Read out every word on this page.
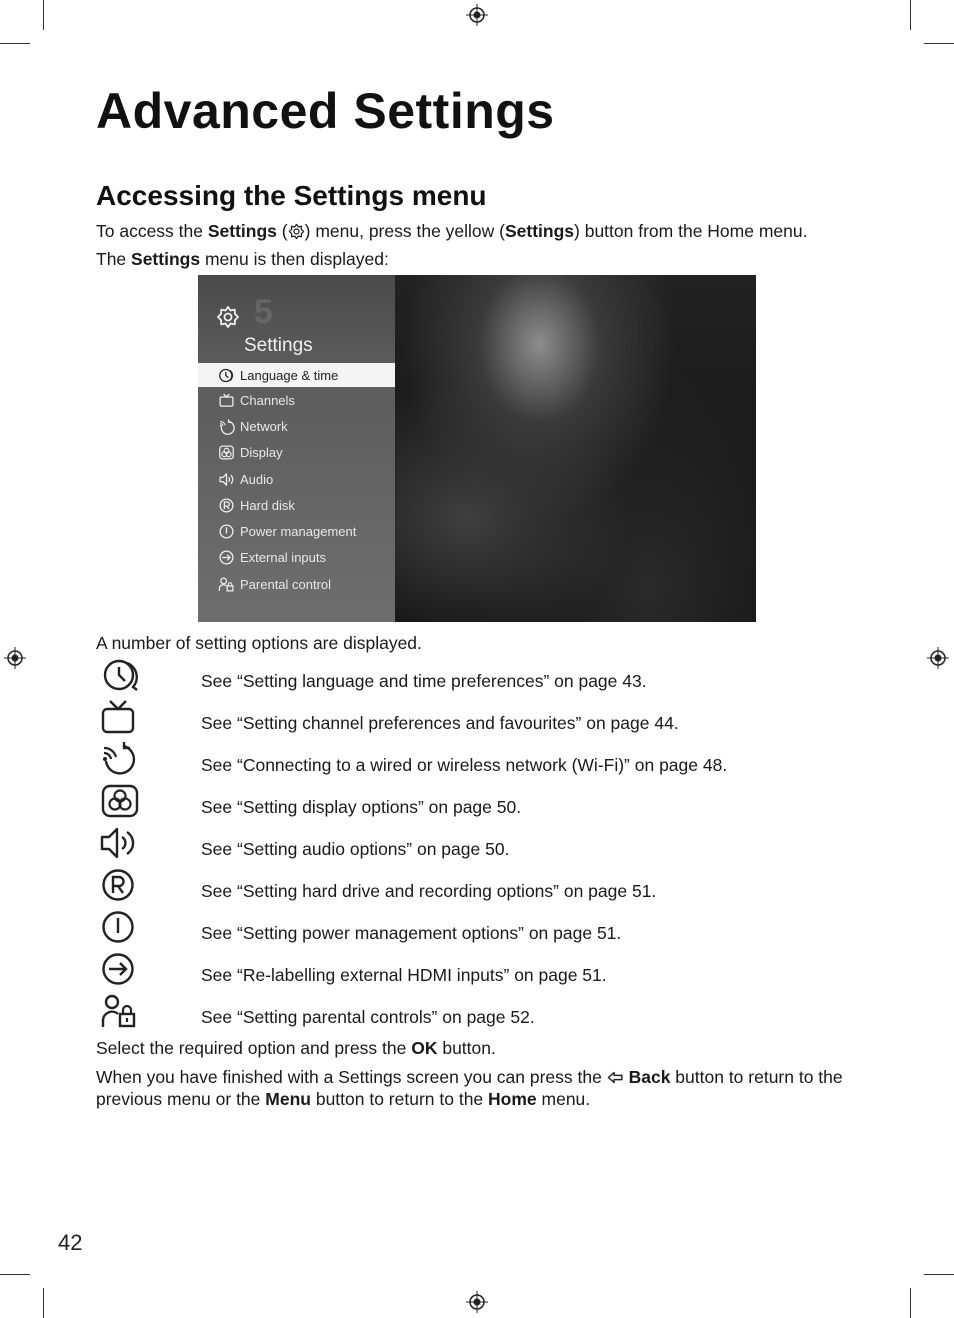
Advanced Settings
Accessing the Settings menu

To access the Settings ( ) menu, press the yellow (Settings) button from the Home menu.

The Settings menu is then displayed:

5
Settings
Language & time
Channels
Network
Display
Audio
Hard disk
Power management
External inputs
Parental control

A number of setting options are displayed.

See “Setting language and time preferences” on page 43.
See “Setting channel preferences and favourites” on page 44.
See “Connecting to a wired or wireless network (Wi-Fi)” on page 48.
See “Setting display options” on page 50.
See “Setting audio options” on page 50.
See “Setting hard drive and recording options” on page 51.
See “Setting power management options” on page 51.
See “Re-labelling external HDMI inputs” on page 51.
See “Setting parental controls” on page 52.

Select the required option and press the OK button.

When you have finished with a Settings screen you can press the  Back button to return to the previous menu or the Menu button to return to the Home menu.

42
